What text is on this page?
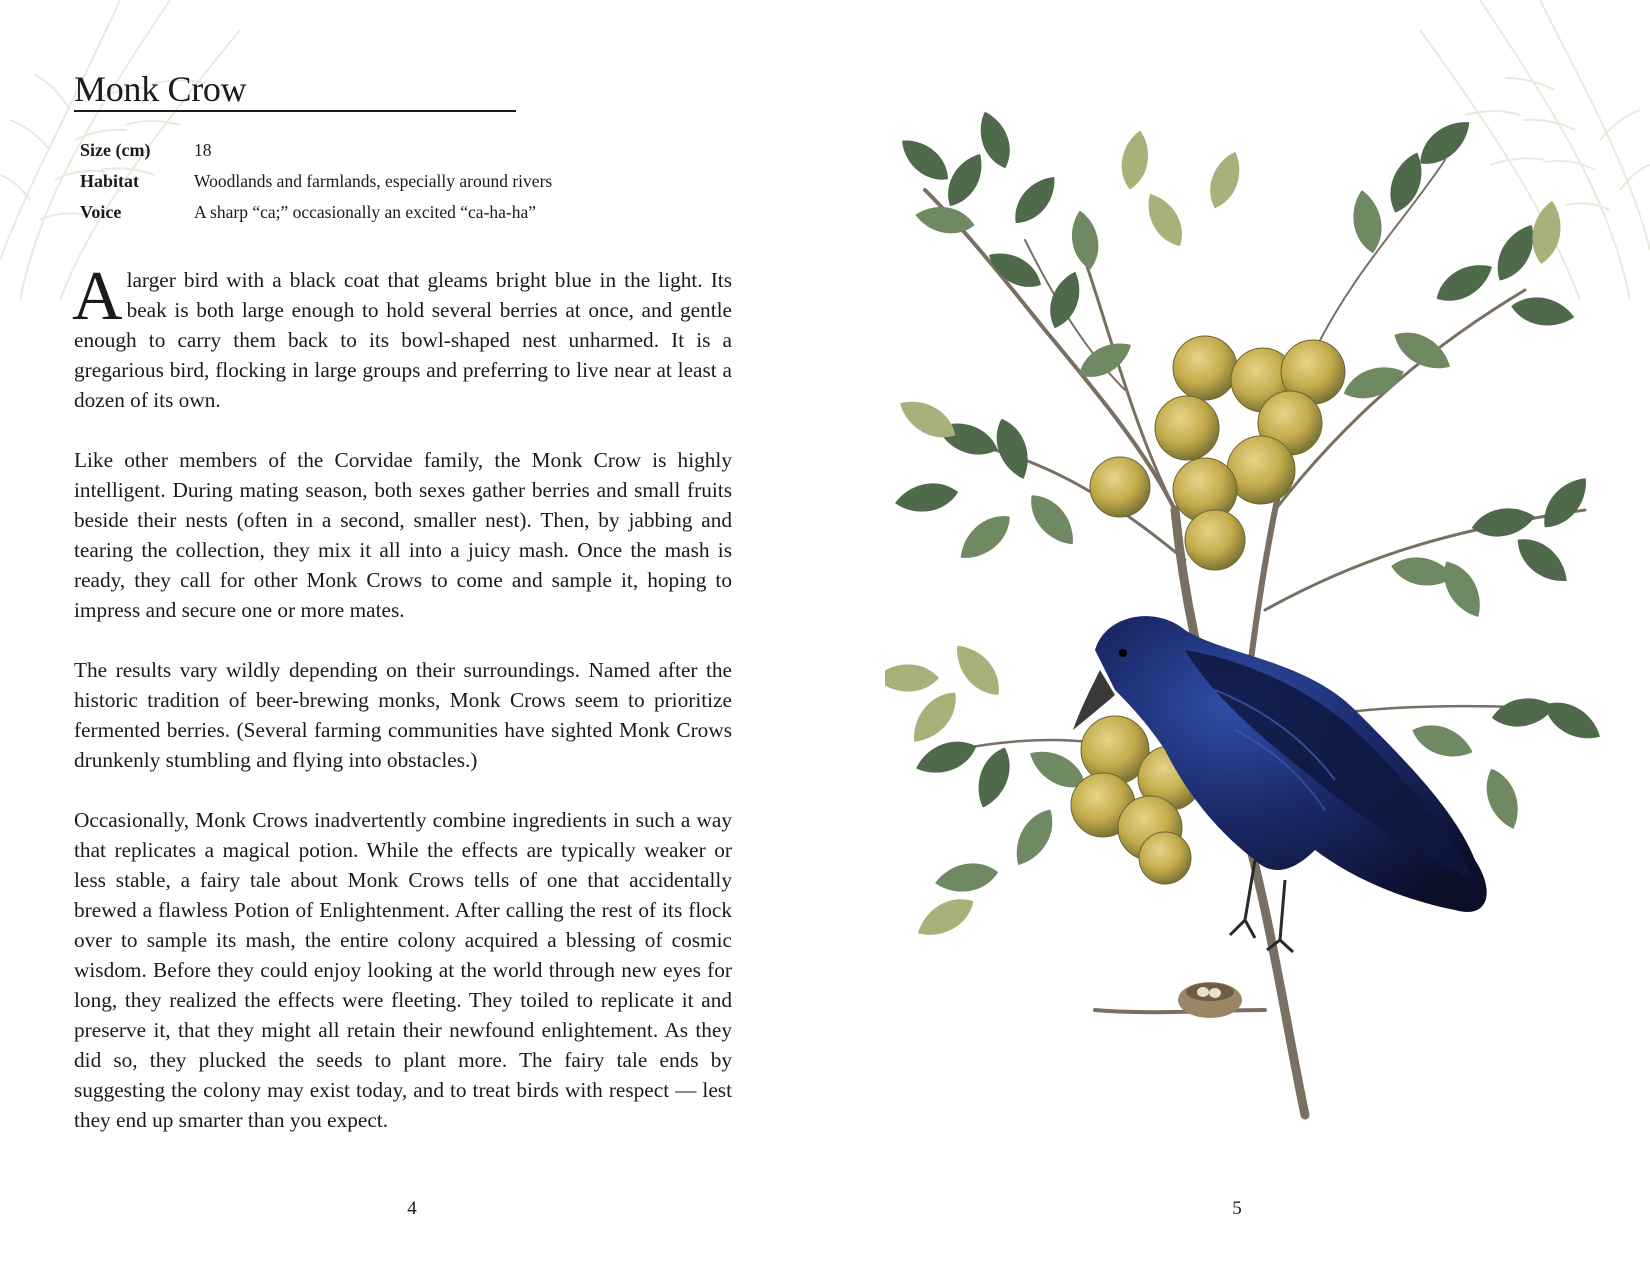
Monk Crow
Size (cm)	18
Habitat	Woodlands and farmlands, especially around rivers
Voice	A sharp “ca;” occasionally an excited “ca-ha-ha”

A larger bird with a black coat that gleams bright blue in the light. Its beak is both large enough to hold several berries at once, and gentle enough to carry them back to its bowl-shaped nest unharmed. It is a gregarious bird, flocking in large groups and preferring to live near at least a dozen of its own.

Like other members of the Corvidae family, the Monk Crow is highly intelligent. During mating season, both sexes gather berries and small fruits beside their nests (often in a second, smaller nest). Then, by jabbing and tearing the collection, they mix it all into a juicy mash. Once the mash is ready, they call for other Monk Crows to come and sample it, hoping to impress and secure one or more mates.

The results vary wildly depending on their surroundings. Named after the historic tradition of beer-brewing monks, Monk Crows seem to prioritize fermented berries. (Several farming communities have sighted Monk Crows drunkenly stumbling and flying into obstacles.)

Occasionally, Monk Crows inadvertently combine ingredients in such a way that replicates a magical potion. While the effects are typically weaker or less stable, a fairy tale about Monk Crows tells of one that accidentally brewed a flawless Potion of Enlightenment. After calling the rest of its flock over to sample its mash, the entire colony acquired a blessing of cosmic wisdom. Before they could enjoy looking at the world through new eyes for long, they realized the effects were fleeting. They toiled to replicate it and preserve it, that they might all retain their newfound enlightement. As they did so, they plucked the seeds to plant more. The fairy tale ends by suggesting the colony may exist today, and to treat birds with respect — lest they end up smarter than you expect.

4	5
